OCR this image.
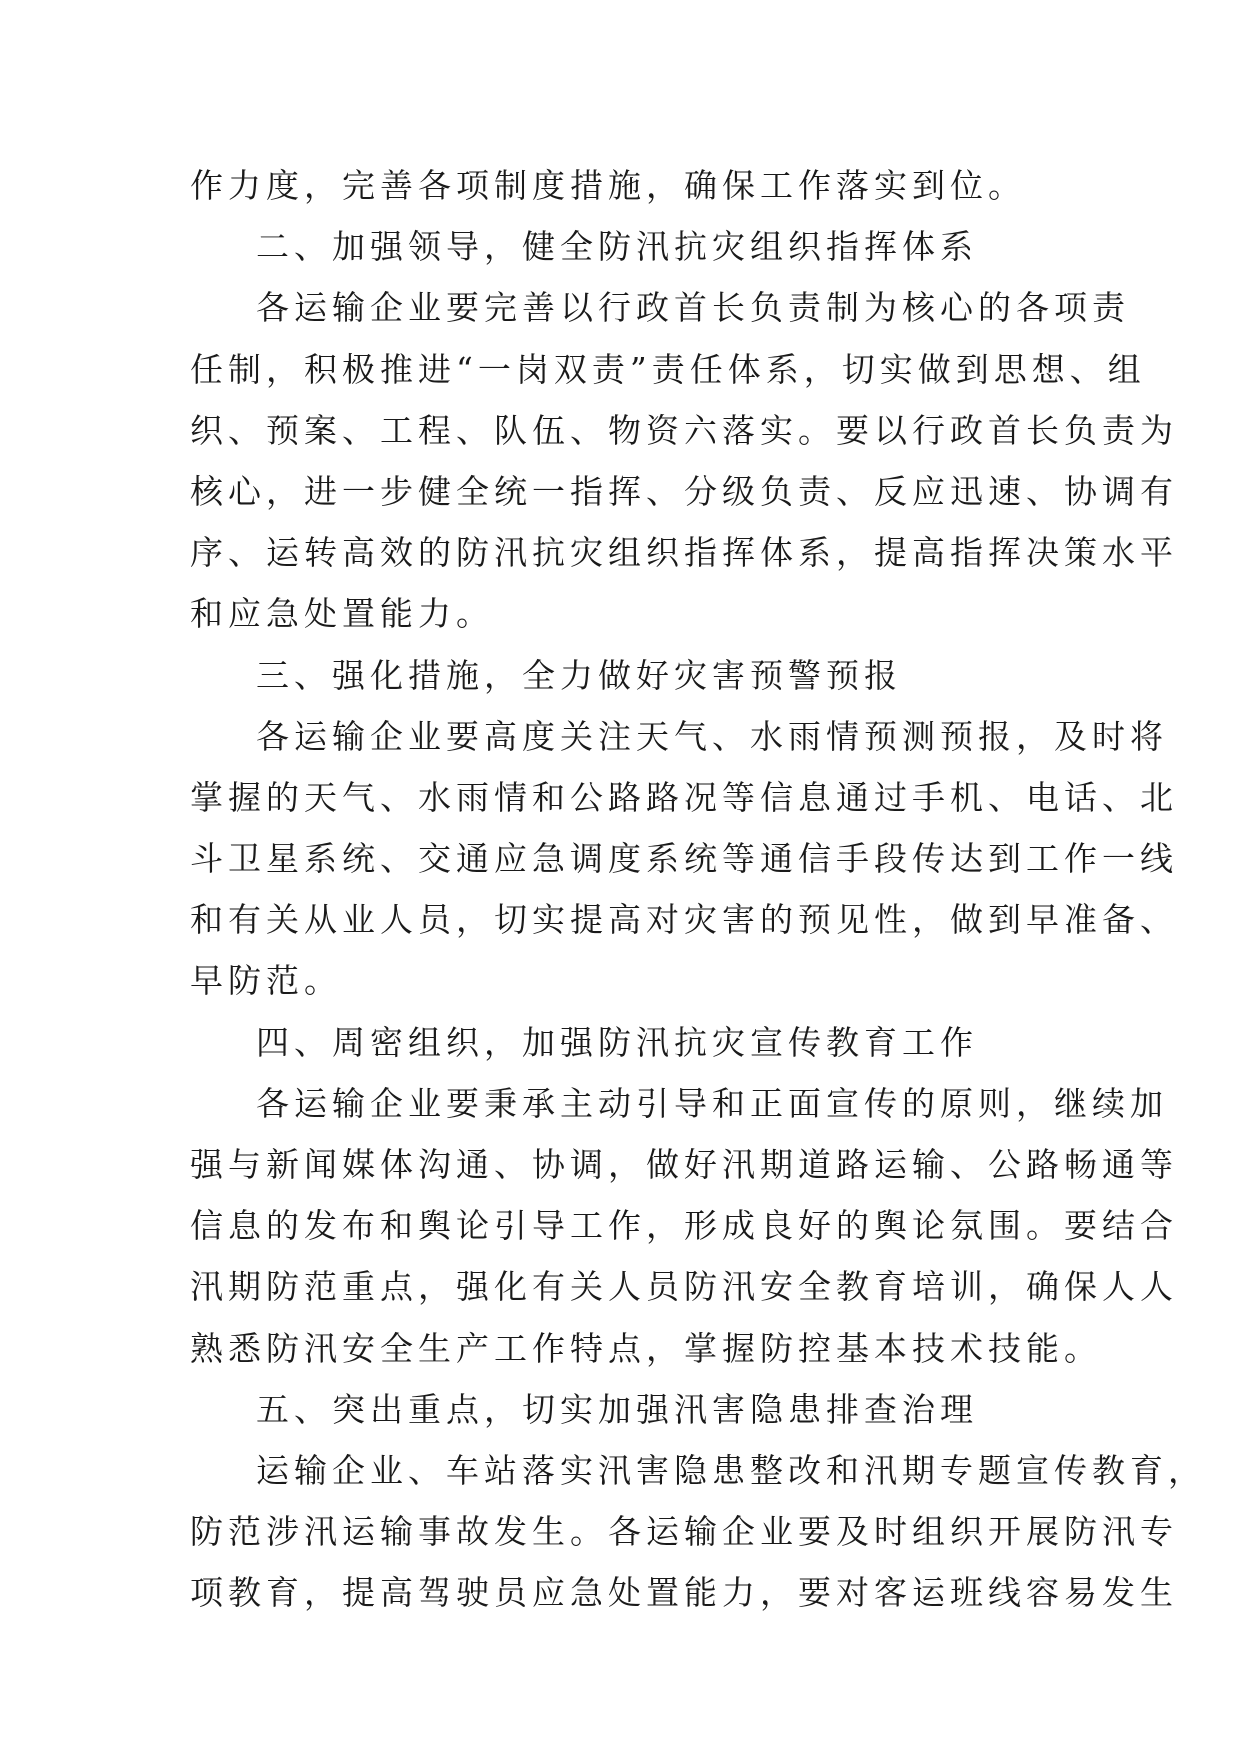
作力度，完善各项制度措施，确保工作落实到位。
二、加强领导，健全防汛抗灾组织指挥体系
各运输企业要完善以行政首长负责制为核心的各项责
任制，积极推进“一岗双责”责任体系，切实做到思想、组
织、预案、工程、队伍、物资六落实。要以行政首长负责为
核心，进一步健全统一指挥、分级负责、反应迅速、协调有
序、运转高效的防汛抗灾组织指挥体系，提高指挥决策水平
和应急处置能力。
三、强化措施，全力做好灾害预警预报
各运输企业要高度关注天气、水雨情预测预报，及时将
掌握的天气、水雨情和公路路况等信息通过手机、电话、北
斗卫星系统、交通应急调度系统等通信手段传达到工作一线
和有关从业人员，切实提高对灾害的预见性，做到早准备、
早防范。
四、周密组织，加强防汛抗灾宣传教育工作
各运输企业要秉承主动引导和正面宣传的原则，继续加
强与新闻媒体沟通、协调，做好汛期道路运输、公路畅通等
信息的发布和舆论引导工作，形成良好的舆论氛围。要结合
汛期防范重点，强化有关人员防汛安全教育培训，确保人人
熟悉防汛安全生产工作特点，掌握防控基本技术技能。
五、突出重点，切实加强汛害隐患排查治理
运输企业、车站落实汛害隐患整改和汛期专题宣传教育，
防范涉汛运输事故发生。各运输企业要及时组织开展防汛专
项教育，提高驾驶员应急处置能力，要对客运班线容易发生
